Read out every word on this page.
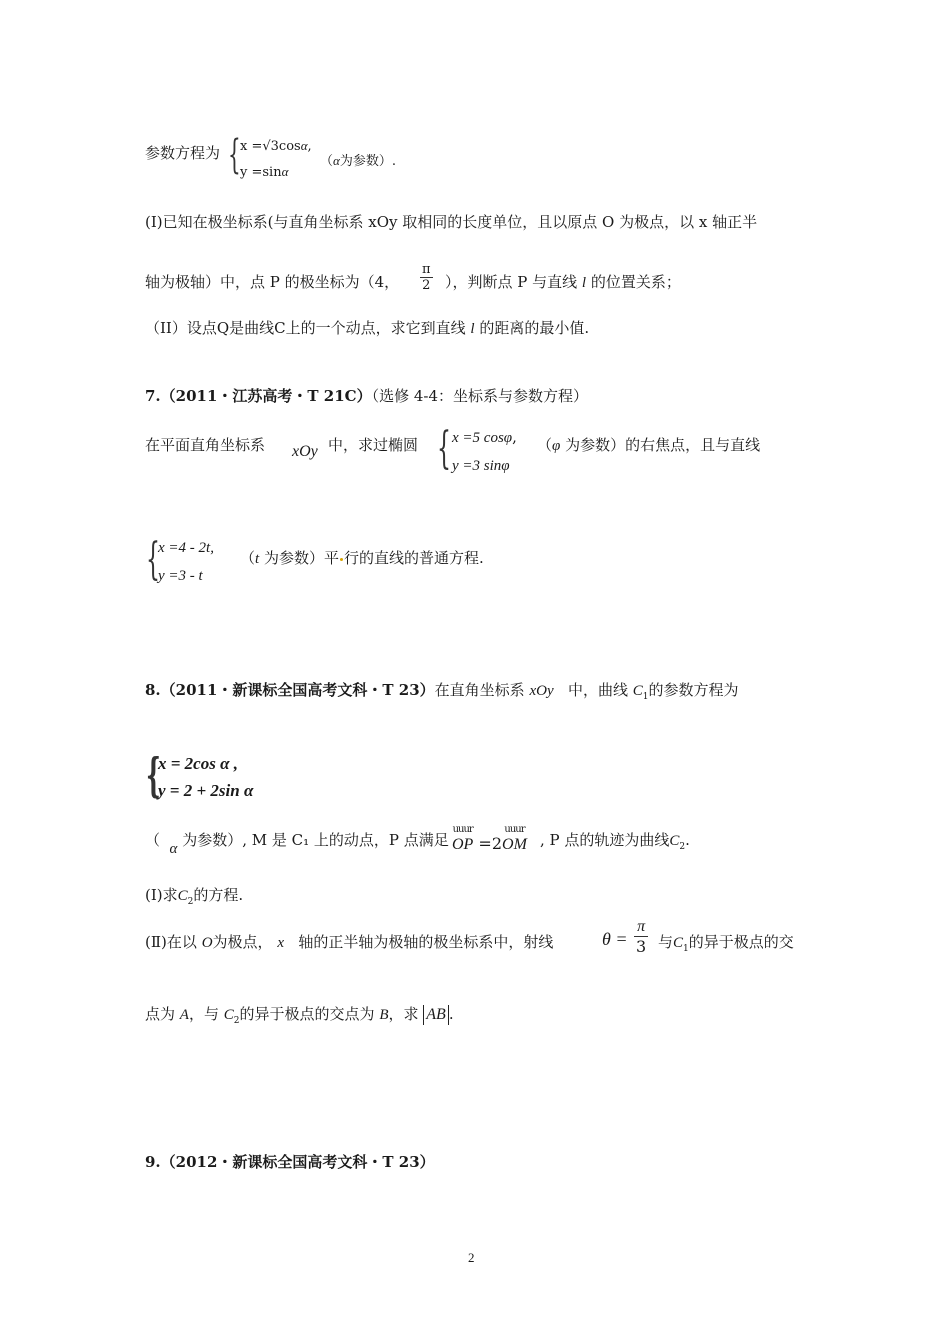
参数方程为 { x =√3cosα,
y =sinα
（α为参数）.
(I)已知在极坐标系(与直角坐标系 xOy 取相同的长度单位，且以原点 O 为极点，以 x 轴正半
轴为极轴）中，点 P 的极坐标为（4， $\frac{\pi}{2}$ ），判断点 P 与直线 l 的位置关系；
（II）设点Q是曲线C上的一个动点，求它到直线 l 的距离的最小值.
7.（2011・江苏高考・T 21C）（选修 4-4：坐标系与参数方程）
在平面直角坐标系 xOy 中，求过椭圆 { x =5 cosφ,
y =3 sinφ
（φ 为参数）的右焦点，且与直线
{
x =4 - 2t,
y =3 - t
（t 为参数）平 行的直线的普通方程.
8.（2011・新课标全国高考文科・T 23）在直角坐标系 xOy 中，曲线 $C_1$的参数方程为
{
x = 2cos α ,
y = 2 + 2sin α
（  α 为参数）, M 是 C₁ 上的动点，P 点满足
uuur
OP =2
uuur
OM , P 点的轨迹为曲线$C_2$.
(Ⅰ)求$C_2$的方程.
(Ⅱ)在以 O为极点， x 轴的正半轴为极轴的极坐标系中，射线	$\theta = \frac{\pi}{3}$ 与$C_1$的异于极点的交
点为 A，与 $C_2$的异于极点的交点为 B，求 AB .
9.（2012・新课标全国高考文科・T 23）
2
